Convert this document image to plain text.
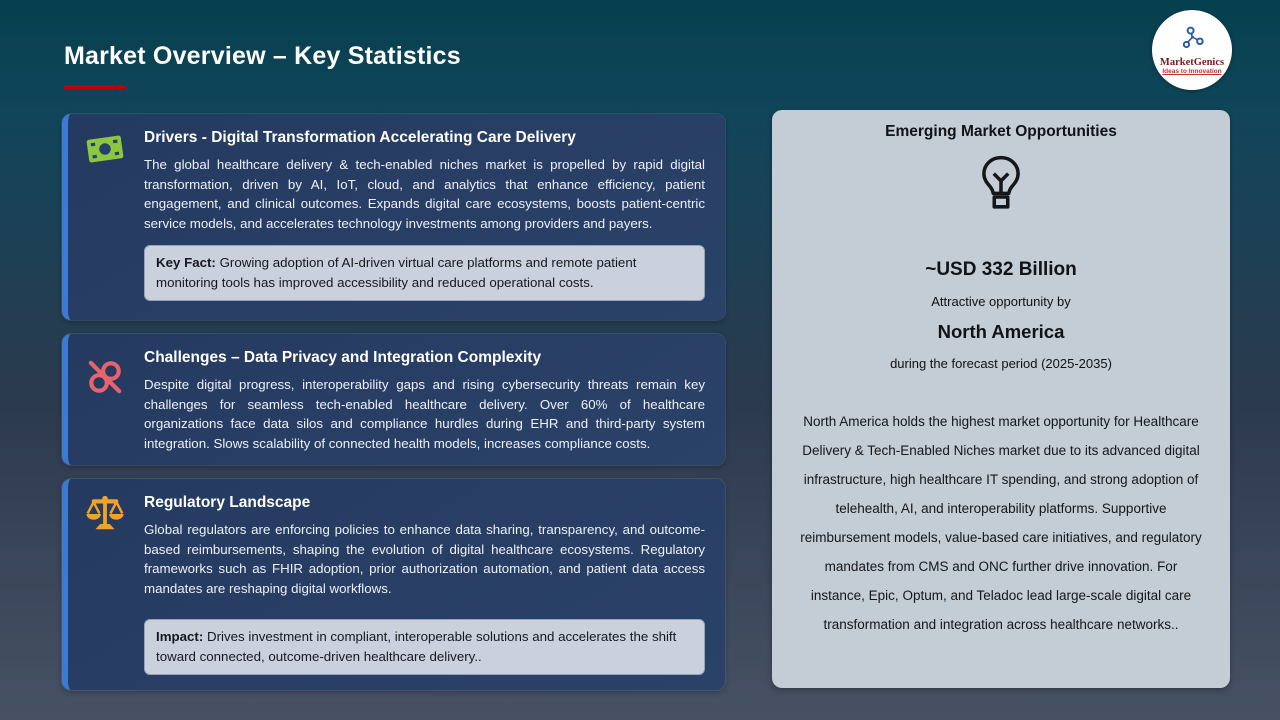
Market Overview – Key Statistics	MarketGenics
Ideas to Innovation
Drivers - Digital Transformation Accelerating Care Delivery

The global healthcare delivery & tech-enabled niches market is propelled by rapid digital transformation, driven by AI, IoT, cloud, and analytics that enhance efficiency, patient engagement, and clinical outcomes. Expands digital care ecosystems, boosts patient-centric service models, and accelerates technology investments among providers and payers.

Key Fact: Growing adoption of AI-driven virtual care platforms and remote patient monitoring tools has improved accessibility and reduced operational costs.
Challenges – Data Privacy and Integration Complexity

Despite digital progress, interoperability gaps and rising cybersecurity threats remain key challenges for seamless tech-enabled healthcare delivery. Over 60% of healthcare organizations face data silos and compliance hurdles during EHR and third-party system integration. Slows scalability of connected health models, increases compliance costs.

Regulatory Landscape

Global regulators are enforcing policies to enhance data sharing, transparency, and outcome-based reimbursements, shaping the evolution of digital healthcare ecosystems. Regulatory frameworks such as FHIR adoption, prior authorization automation, and patient data access mandates are reshaping digital workflows.

Impact: Drives investment in compliant, interoperable solutions and accelerates the shift toward connected, outcome-driven healthcare delivery..
Emerging Market Opportunities
~USD 332 Billion
Attractive opportunity by
North America
during the forecast period (2025-2035)

North America holds the highest market opportunity for Healthcare Delivery & Tech-Enabled Niches market due to its advanced digital infrastructure, high healthcare IT spending, and strong adoption of telehealth, AI, and interoperability platforms. Supportive reimbursement models, value-based care initiatives, and regulatory mandates from CMS and ONC further drive innovation. For instance, Epic, Optum, and Teladoc lead large-scale digital care transformation and integration across healthcare networks..
